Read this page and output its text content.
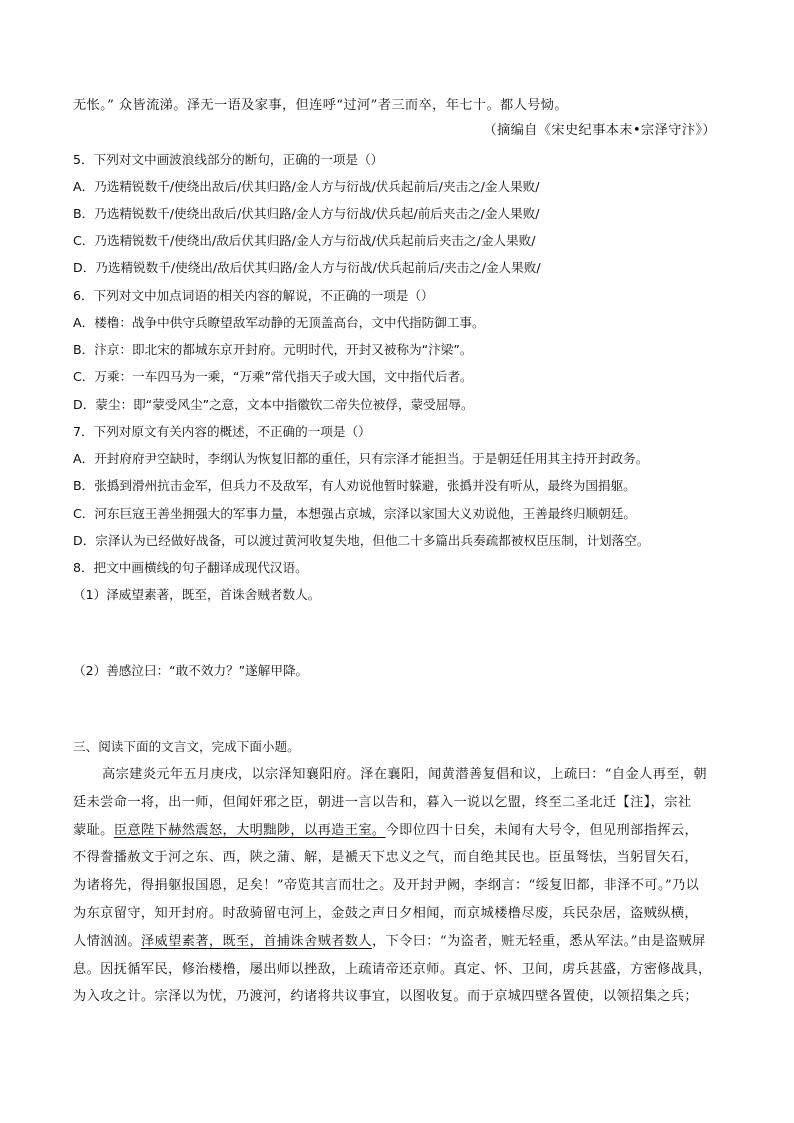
无怅。” 众皆流涕。泽无一语及家事，但连呼“过河”者三而卒，年七十。都人号恸。
（摘编自《宋史纪事本末•宗泽守汴》）
5．下列对文中画波浪线部分的断句，正确的一项是（）
A．乃选精锐数千/使绕出敌后/伏其归路/金人方与衍战/伏兵起前后/夹击之/金人果败/
B．乃选精锐数千/使绕出敌后/伏其归路/金人方与衍战/伏兵起/前后夹击之/金人果败/
C．乃选精锐数千/使绕出/敌后伏其归路/金人方与衍战/伏兵起前后夹击之/金人果败/
D．乃选精锐数千/使绕出/敌后伏其归路/金人方与衍战/伏兵起前后/夹击之/金人果败/
6．下列对文中加点词语的相关内容的解说，不正确的一项是（）
A．楼橹：战争中供守兵瞭望敌军动静的无顶盖高台，文中代指防御工事。
B．汴京：即北宋的都城东京开封府。元明时代，开封又被称为“汴梁”。
C．万乘：一车四马为一乘，“万乘”常代指天子或大国，文中指代后者。
D．蒙尘：即“蒙受风尘”之意，文本中指徽钦二帝失位被俘，蒙受屈辱。
7．下列对原文有关内容的概述，不正确的一项是（）
A．开封府府尹空缺时，李纲认为恢复旧都的重任，只有宗泽才能担当。于是朝廷任用其主持开封政务。
B．张撝到滑州抗击金军，但兵力不及敌军，有人劝说他暂时躲避，张撝并没有听从，最终为国捐躯。
C．河东巨寇王善坐拥强大的军事力量，本想强占京城，宗泽以家国大义劝说他，王善最终归顺朝廷。
D．宗泽认为已经做好战备，可以渡过黄河收复失地，但他二十多篇出兵奏疏都被权臣压制，计划落空。
8．把文中画横线的句子翻译成现代汉语。
（1）泽威望素著，既至，首诛舍贼者数人。
（2）善感泣曰：“敢不效力？”遂解甲降。
三、阅读下面的文言文，完成下面小题。
高宗建炎元年五月庚戌，以宗泽知襄阳府。泽在襄阳，闻黄潜善复倡和议，上疏曰：“自金人再至，朝
廷未尝命一将，出一师，但闻奸邪之臣，朝进一言以告和，暮入一说以乞盟，终至二圣北迁【注】，宗社
蒙耻。臣意陛下赫然震怒，大明黜陟，以再造王室。今即位四十日矣，未闻有大号令，但见刑部指挥云，
不得誊播赦文于河之东、西，陕之蒲、解，是褫天下忠义之气，而自绝其民也。臣虽驽怯，当躬冒矢石，
为诸将先，得捐躯报国恩，足矣！”帝览其言而壮之。及开封尹阙，李纲言：“绥复旧都，非泽不可。”乃以
为东京留守，知开封府。时敌骑留屯河上，金鼓之声日夕相闻，而京城楼橹尽废，兵民杂居，盗贼纵横，
人情汹汹。泽威望素著，既至，首捕诛舍贼者数人，下令曰：“为盗者，赃无轻重，悉从军法。”由是盗贼屏
息。因抚循军民，修治楼橹，屡出师以挫敌，上疏请帝还京师。真定、怀、卫间，虏兵甚盛，方密修战具，
为入攻之计。宗泽以为忧，乃渡河，约诸将共议事宜，以图收复。而于京城四壁各置使，以领招集之兵；
